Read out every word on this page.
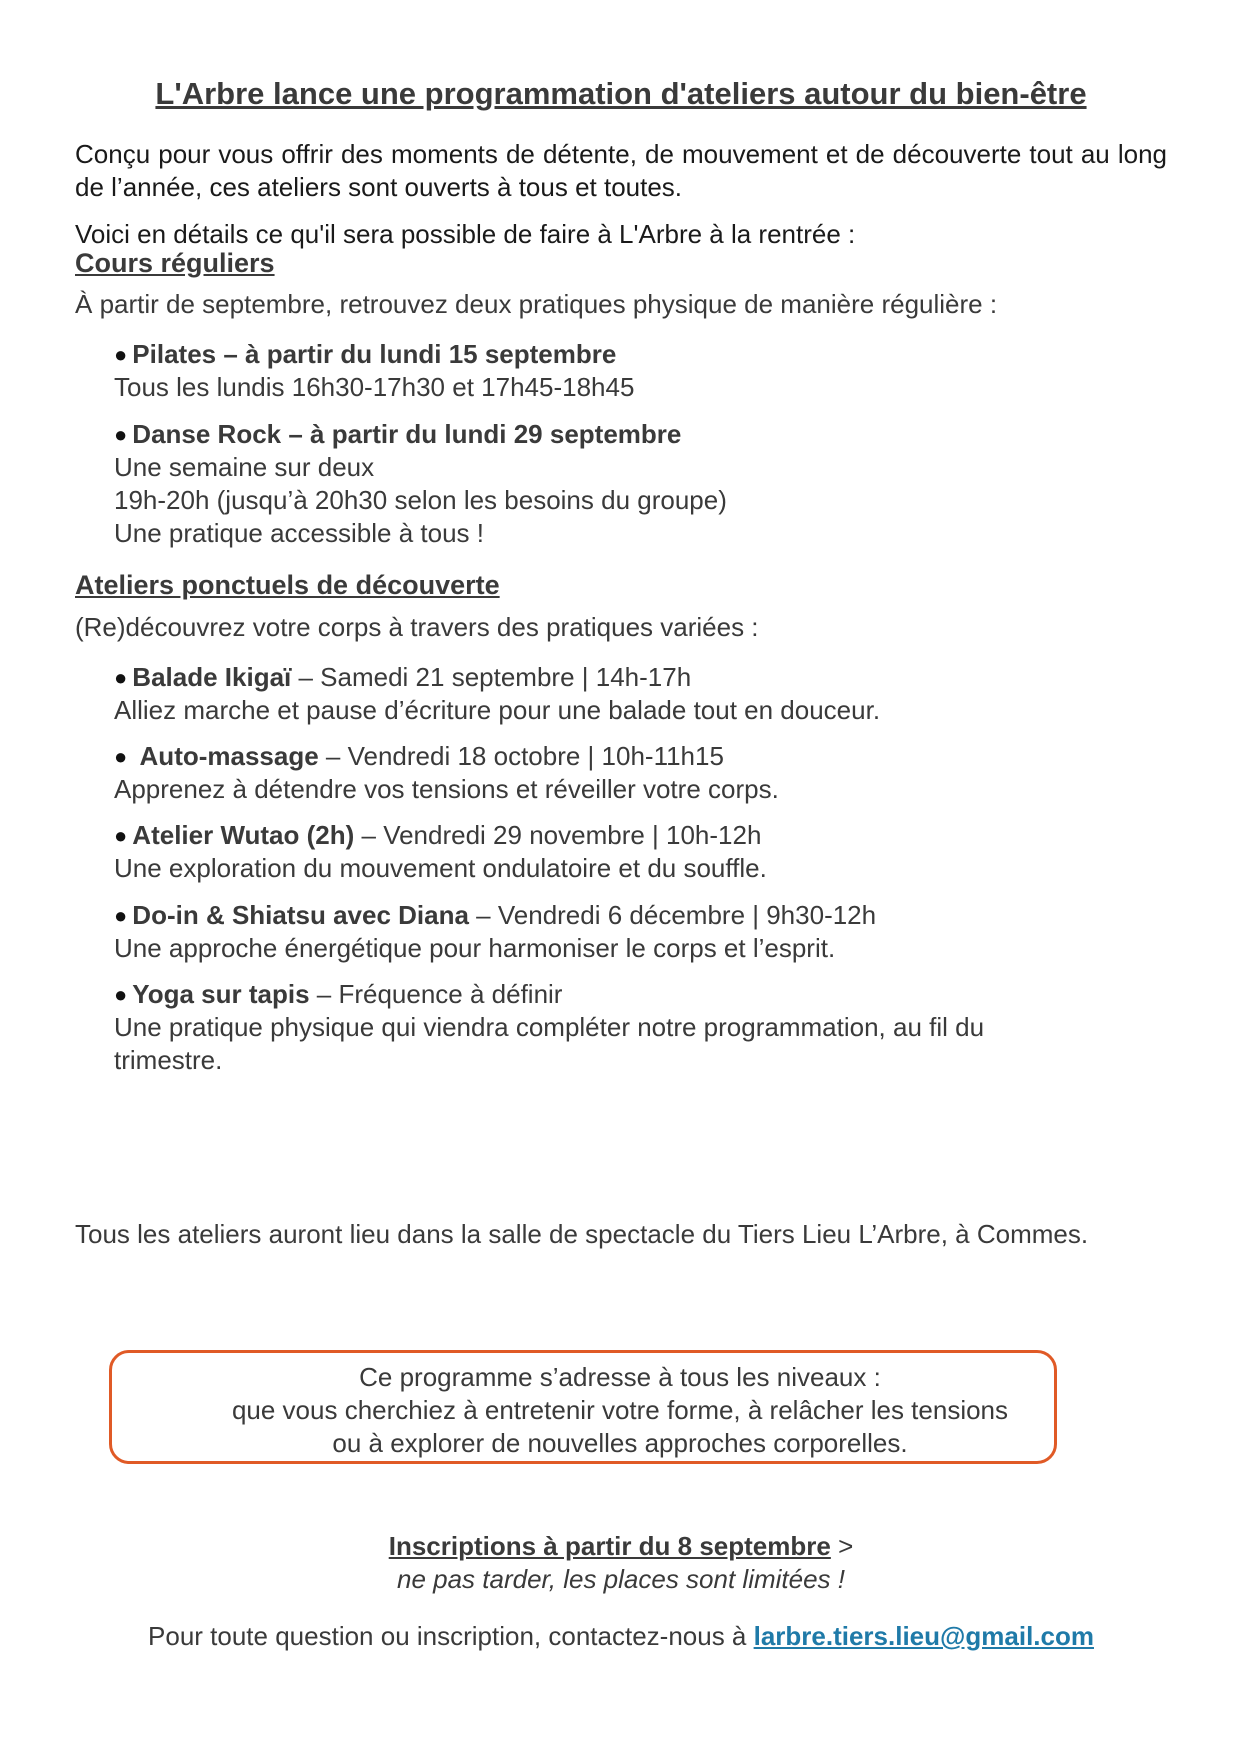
L'Arbre lance une programmation d'ateliers autour du bien-être
Conçu pour vous offrir des moments de détente, de mouvement et de découverte tout au long de l’année, ces ateliers sont ouverts à tous et toutes.
Voici en détails ce qu'il sera possible de faire à L'Arbre à la rentrée :
Cours réguliers
À partir de septembre, retrouvez deux pratiques physique de manière régulière :
● Pilates – à partir du lundi 15 septembre
Tous les lundis 16h30-17h30 et 17h45-18h45
● Danse Rock – à partir du lundi 29 septembre
Une semaine sur deux
19h-20h (jusqu’à 20h30 selon les besoins du groupe)
Une pratique accessible à tous !
Ateliers ponctuels de découverte
(Re)découvrez votre corps à travers des pratiques variées :
● Balade Ikigaï – Samedi 21 septembre | 14h-17h
Alliez marche et pause d’écriture pour une balade tout en douceur.
● Auto-massage – Vendredi 18 octobre | 10h-11h15
Apprenez à détendre vos tensions et réveiller votre corps.
● Atelier Wutao (2h) – Vendredi 29 novembre | 10h-12h
Une exploration du mouvement ondulatoire et du souffle.
● Do-in & Shiatsu avec Diana – Vendredi 6 décembre | 9h30-12h
Une approche énergétique pour harmoniser le corps et l’esprit.
● Yoga sur tapis – Fréquence à définir
Une pratique physique qui viendra compléter notre programmation, au fil du trimestre.
Tous les ateliers auront lieu dans la salle de spectacle du Tiers Lieu L’Arbre, à Commes.
Ce programme s’adresse à tous les niveaux :
que vous cherchiez à entretenir votre forme, à relâcher les tensions
ou à explorer de nouvelles approches corporelles.
Inscriptions à partir du 8 septembre >
ne pas tarder, les places sont limitées !
Pour toute question ou inscription, contactez-nous à larbre.tiers.lieu@gmail.com
